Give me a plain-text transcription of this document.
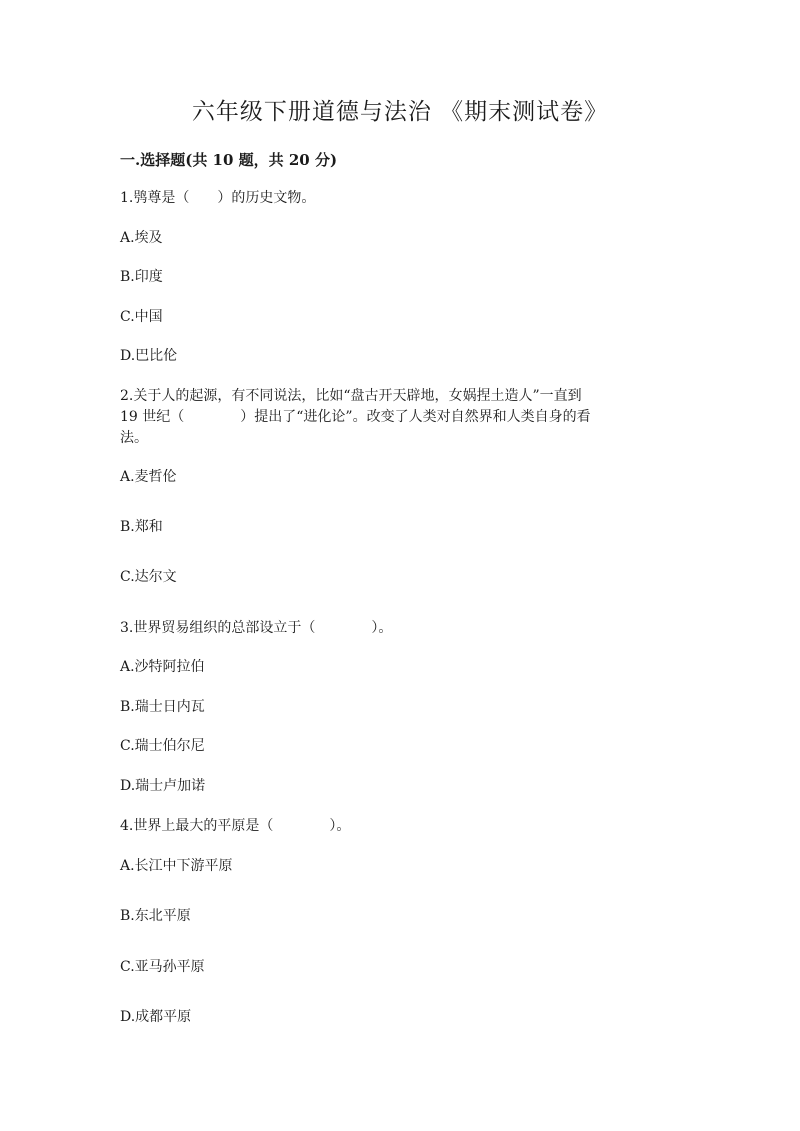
六年级下册道德与法治 《期末测试卷》
一.选择题(共 10 题，共 20 分)
1.鸮尊是（　　）的历史文物。
A.埃及
B.印度
C.中国
D.巴比伦
2.关于人的起源，有不同说法，比如“盘古开天辟地，女娲捏土造人”一直到
19 世纪（　　　　）提出了“进化论”。改变了人类对自然界和人类自身的看
法。
A.麦哲伦
B.郑和
C.达尔文
3.世界贸易组织的总部设立于（　　　　）。
A.沙特阿拉伯
B.瑞士日内瓦
C.瑞士伯尔尼
D.瑞士卢加诺
4.世界上最大的平原是（　　　　）。
A.长江中下游平原
B.东北平原
C.亚马孙平原
D.成都平原
